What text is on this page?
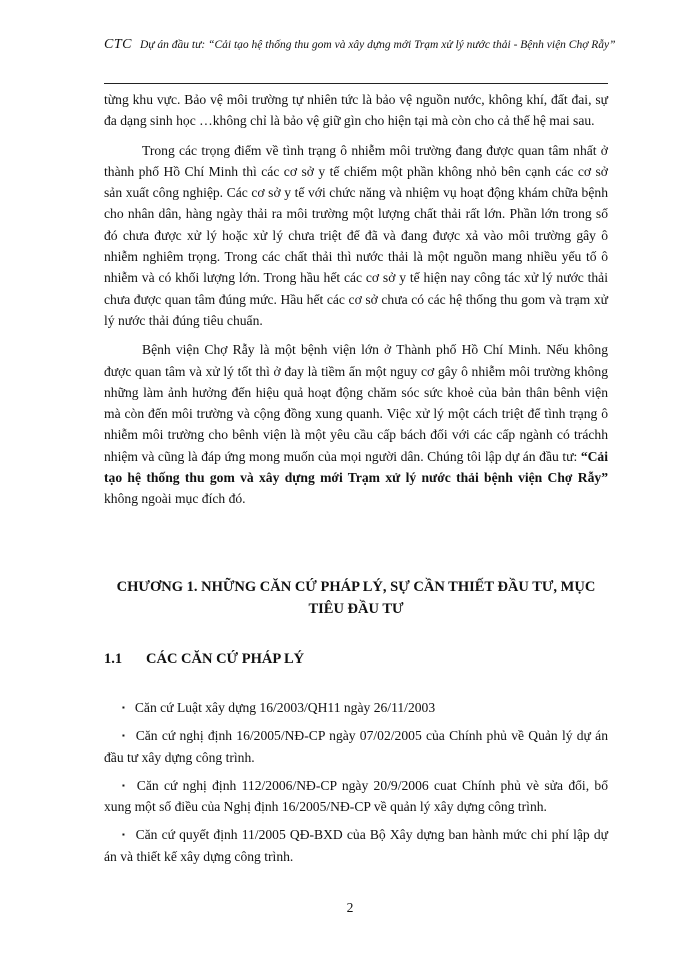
CTC Dự án đầu tư: “Cải tạo hệ thống thu gom và xây dựng mới Trạm xử lý nước thải - Bệnh viện Chợ Rẫy”

từng khu vực. Bảo vệ môi trường tự nhiên tức là bảo vệ nguồn nước, không khí, đất đai, sự đa dạng sinh học …không chỉ là bảo vệ giữ gìn cho hiện tại mà còn cho cả thế hệ mai sau.

Trong các trọng điểm về tình trạng ô nhiễm môi trường đang được quan tâm nhất ở thành phố Hồ Chí Minh thì các cơ sở y tế chiếm một phần không nhỏ bên cạnh các cơ sở sản xuất công nghiệp. Các cơ sở y tế với chức năng và nhiệm vụ hoạt động khám chữa bệnh cho nhân dân, hàng ngày thải ra môi trường một lượng chất thải rất lớn. Phần lớn trong số đó chưa được xử lý hoặc xử lý chưa triệt để đã và đang được xả vào môi trường gây ô nhiễm nghiêm trọng. Trong các chất thải thì nước thải là một nguồn mang nhiều yếu tố ô nhiễm và có khối lượng lớn. Trong hầu hết các cơ sở y tế hiện nay công tác xử lý nước thải chưa được quan tâm đúng mức. Hầu hết các cơ sở chưa có các hệ thống thu gom và trạm xử lý nước thải đúng tiêu chuẩn.

Bệnh viện Chợ Rẫy là một bệnh viện lớn ở Thành phố Hồ Chí Minh. Nếu không được quan tâm và xử lý tốt thì ở đay là tiềm ẩn một nguy cơ gây ô nhiễm môi trường không những làm ảnh hưởng đến hiệu quả hoạt động chăm sóc sức khoẻ của bản thân bênh viện mà còn đến môi trường và cộng đồng xung quanh. Việc xử lý một cách triệt để tình trạng ô nhiễm môi trường cho bênh viện là một yêu cầu cấp bách đối với các cấp ngành có tráchh nhiệm và cũng là đáp ứng mong muốn của mọi người dân. Chúng tôi lập dự án đầu tư: “Cải tạo hệ thống thu gom và xây dựng mới Trạm xử lý nước thải bệnh viện Chợ Rẫy” không ngoài mục đích đó.

CHƯƠNG 1. NHỮNG CĂN CỨ PHÁP LÝ, SỰ CẦN THIẾT ĐẦU TƯ, MỤC TIÊU ĐẦU TƯ
1.1 CÁC CĂN CỨ PHÁP LÝ
▪ Căn cứ Luật xây dựng 16/2003/QH11 ngày 26/11/2003
▪ Căn cứ nghị định 16/2005/NĐ-CP ngày 07/02/2005 của Chính phủ về Quản lý dự án đầu tư xây dựng công trình.
▪ Căn cứ nghị định 112/2006/NĐ-CP ngày 20/9/2006 cuat Chính phủ vè sửa đổi, bổ xung một số điều của Nghị định 16/2005/NĐ-CP về quản lý xây dựng công trình.
▪ Căn cứ quyết định 11/2005 QĐ-BXD của Bộ Xây dựng ban hành mức chi phí lập dự án và thiết kế xây dựng công trình.
2
